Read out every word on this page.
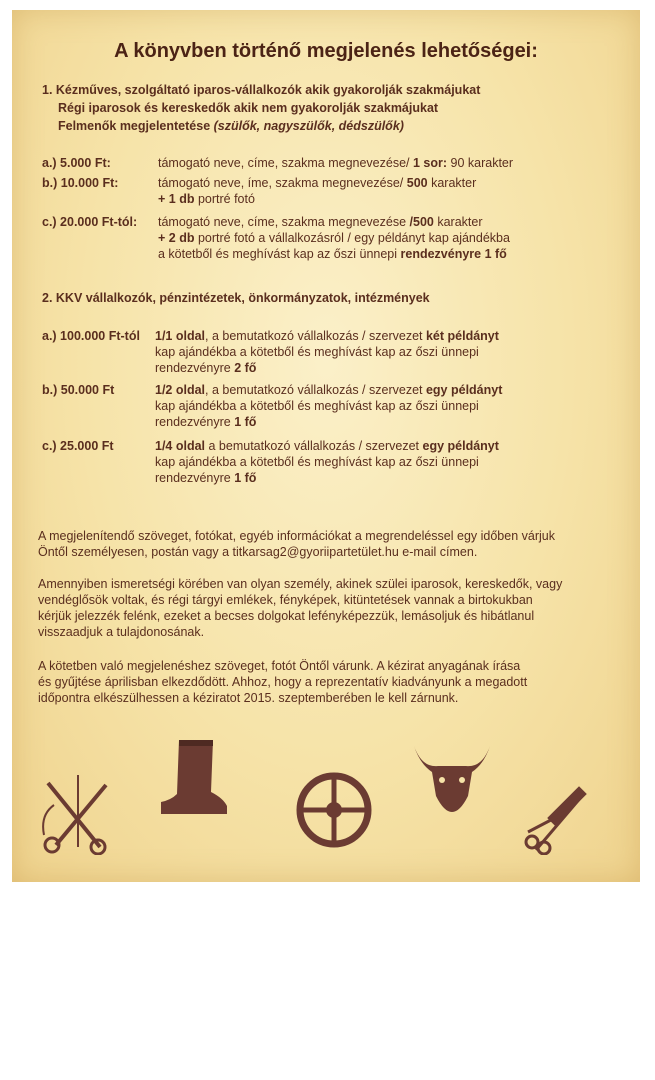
A könyvben történő megjelenés lehetőségei:
1. Kézműves, szolgáltató iparos-vállalkozók akik gyakorolják szakmájukat
Régi iparosok és kereskedők akik nem gyakorolják szakmájukat
Felmenők megjelentetése (szülők, nagyszülők, dédszülők)
a.) 5.000 Ft:	támogató neve, címe, szakma megnevezése/ 1 sor: 90 karakter
b.) 10.000 Ft:	támogató neve, íme, szakma megnevezése/ 500 karakter
+ 1 db portré fotó
c.) 20.000 Ft-tól: támogató neve, címe, szakma megnevezése /500 karakter
+ 2 db portré fotó a vállalkozásról / egy példányt kap ajándékba
a kötetből és meghívást kap az őszi ünnepi rendezvényre 1 fő
2. KKV vállalkozók, pénzintézetek, önkormányzatok, intézmények
a.) 100.000 Ft-tól 1/1 oldal, a bemutatkozó vállalkozás / szervezet két példányt
kap ajándékba a kötetből és meghívást kap az őszi ünnepi
rendezvényre 2 fő
b.) 50.000 Ft	1/2 oldal, a bemutatkozó vállalkozás / szervezet egy példányt
kap ajándékba a kötetből és meghívást kap az őszi ünnepi
rendezvényre 1 fő
c.) 25.000 Ft	1/4 oldal a bemutatkozó vállalkozás / szervezet egy példányt
kap ajándékba a kötetből és meghívást kap az őszi ünnepi
rendezvényre 1 fő
A megjelenítendő szöveget, fotókat, egyéb információkat a megrendeléssel egy időben várjuk
Öntől személyesen, postán vagy a titkarsag2@gyoriipartetület.hu e-mail címen.
Amennyiben ismeretségi körében van olyan személy, akinek szülei iparosok, kereskedők, vagy
vendéglősök voltak, és régi tárgyi emlékek, fényképek, kitüntetések vannak a birtokukban
kérjük jelezzék felénk, ezeket a becses dolgokat lefényképezzük, lemásoljuk és hibátlanul
visszaadjuk a tulajdonosának.
A kötetben való megjelenéshez szöveget, fotót Öntől várunk. A kézirat anyagának írása
és gyűjtése áprilisban elkezdődött. Ahhoz, hogy a reprezentatív kiadványunk a megadott
időpontra elkészülhessen a kéziratot 2015. szeptemberében le kell zárnunk.
